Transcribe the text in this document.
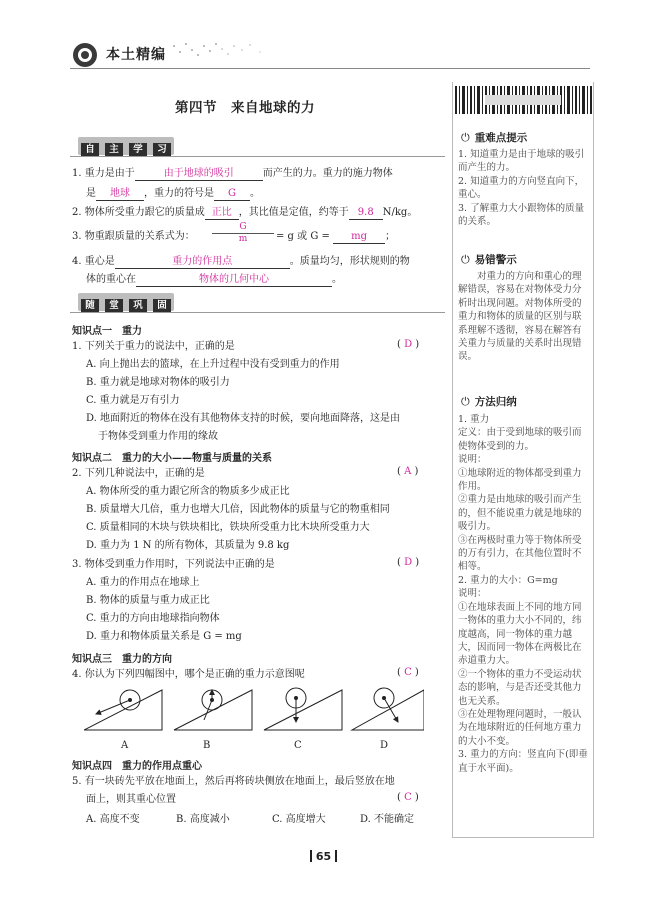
本土精编
第四节　来自地球的力
自 主 学 习
1. 重力是由于	由于地球的吸引	而产生的力。重力的施力物体
是 地球 ，重力的符号是 G 。
2. 物体所受重力跟它的质量成 正比 ，其比值是定值，约等于 9.8 N/kg。
3. 物重跟质量的关系式为：
G
m	= g 或 G = mg ；
4. 重心是	重力的作用点	。质量均匀，形状规则的物
体的重心在	物体的几何中心	。
随 堂 巩 固
知识点一　重力
1. 下列关于重力的说法中，正确的是	( D )
A. 向上抛出去的篮球，在上升过程中没有受到重力的作用
B. 重力就是地球对物体的吸引力
C. 重力就是万有引力
D. 地面附近的物体在没有其他物体支持的时候，要向地面降落，这是由
于物体受到重力作用的缘故
知识点二　重力的大小——物重与质量的关系
2. 下列几种说法中，正确的是	( A )
A. 物体所受的重力跟它所含的物质多少成正比
B. 质量增大几倍，重力也增大几倍，因此物体的质量与它的物重相同
C. 质量相同的木块与铁块相比，铁块所受重力比木块所受重力大
D. 重力为 1 N 的所有物体，其质量为 9.8 kg
3. 物体受到重力作用时，下列说法中正确的是	( D )
A. 重力的作用点在地球上
B. 物体的质量与重力成正比
C. 重力的方向由地球指向物体
D. 重力和物体质量关系是 G = mg
知识点三　重力的方向
4. 你认为下列四幅图中，哪个是正确的重力示意图呢	( C )
A	B	C	D
知识点四　重力的作用点重心
5. 有一块砖先平放在地面上，然后再将砖块侧放在地面上，最后竖放在地
面上，则其重心位置	( C )
A. 高度不变	B. 高度减小	C. 高度增大	D. 不能确定
⏻ 重难点提示
1. 知道重力是由于地球的吸引而产生的力。
2. 知道重力的方向竖直向下，重心。
3. 了解重力大小跟物体的质量的关系。
⏻ 易错警示
对重力的方向和重心的理解错误，容易在对物体受力分析时出现问题。对物体所受的重力和物体的质量的区别与联系理解不透彻，容易在解答有关重力与质量的关系时出现错误。
⏻ 方法归纳
1. 重力
定义：由于受到地球的吸引而使物体受到的力。
说明：
①地球附近的物体都受到重力作用。
②重力是由地球的吸引而产生的，但不能说重力就是地球的吸引力。
③在两极时重力等于物体所受的万有引力，在其他位置时不相等。
2. 重力的大小：G=mg
说明：
①在地球表面上不同的地方同一物体的重力大小不同的，纬度越高，同一物体的重力越大，因而同一物体在两极比在赤道重力大。
②一个物体的重力不受运动状态的影响，与是否还受其他力也无关系。
③在处理物理问题时，一般认为在地球附近的任何地方重力的大小不变。
3. 重力的方向：竖直向下(即垂直于水平面)。
65
